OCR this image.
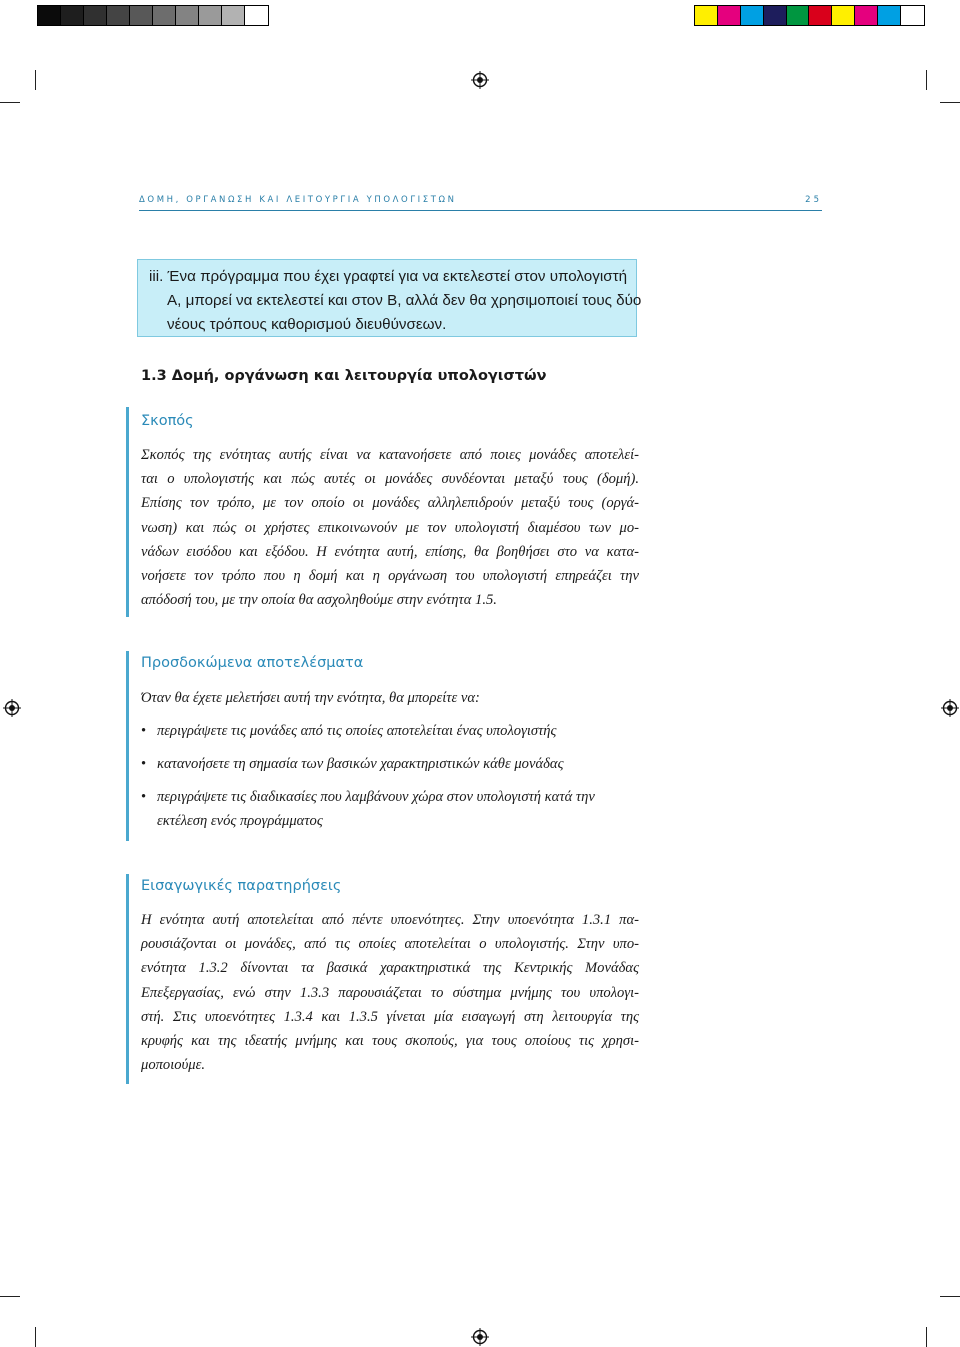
ΔΟΜΗ, ΟΡΓΑΝΩΣΗ ΚΑΙ ΛΕΙΤΟΥΡΓΙΑ ΥΠΟΛΟΓΙΣΤΩΝ	25
iii. Ένα πρόγραμμα που έχει γραφτεί για να εκτελεστεί στον υπολογιστή
Α, μπορεί να εκτελεστεί και στον Β, αλλά δεν θα χρησιμοποιεί τους δύο
νέους τρόπους καθορισμού διευθύνσεων.
1.3 Δομή, οργάνωση και λειτουργία υπολογιστών
Σκοπός
Σκοπός της ενότητας αυτής είναι να κατανοήσετε από ποιες μονάδες αποτελεί-
ται ο υπολογιστής και πώς αυτές οι μονάδες συνδέονται μεταξύ τους (δομή).
Επίσης τον τρόπο, με τον οποίο οι μονάδες αλληλεπιδρούν μεταξύ τους (οργά-
νωση) και πώς οι χρήστες επικοινωνούν με τον υπολογιστή διαμέσου των μο-
νάδων εισόδου και εξόδου. Η ενότητα αυτή, επίσης, θα βοηθήσει στο να κατα-
νοήσετε τον τρόπο που η δομή και η οργάνωση του υπολογιστή επηρεάζει την
απόδοσή του, με την οποία θα ασχοληθούμε στην ενότητα 1.5.
Προσδοκώμενα αποτελέσματα
Όταν θα έχετε μελετήσει αυτή την ενότητα, θα μπορείτε να:
• περιγράψετε τις μονάδες από τις οποίες αποτελείται ένας υπολογιστής
• κατανοήσετε τη σημασία των βασικών χαρακτηριστικών κάθε μονάδας
• περιγράψετε τις διαδικασίες που λαμβάνουν χώρα στον υπολογιστή κατά την
εκτέλεση ενός προγράμματος
Εισαγωγικές παρατηρήσεις
Η ενότητα αυτή αποτελείται από πέντε υποενότητες. Στην υποενότητα 1.3.1 πα-
ρουσιάζονται οι μονάδες, από τις οποίες αποτελείται ο υπολογιστής. Στην υπο-
ενότητα 1.3.2 δίνονται τα βασικά χαρακτηριστικά της Κεντρικής Μονάδας
Επεξεργασίας, ενώ στην 1.3.3 παρουσιάζεται το σύστημα μνήμης του υπολογι-
στή. Στις υποενότητες 1.3.4 και 1.3.5 γίνεται μία εισαγωγή στη λειτουργία της
κρυφής και της ιδεατής μνήμης και τους σκοπούς, για τους οποίους τις χρησι-
μοποιούμε.
